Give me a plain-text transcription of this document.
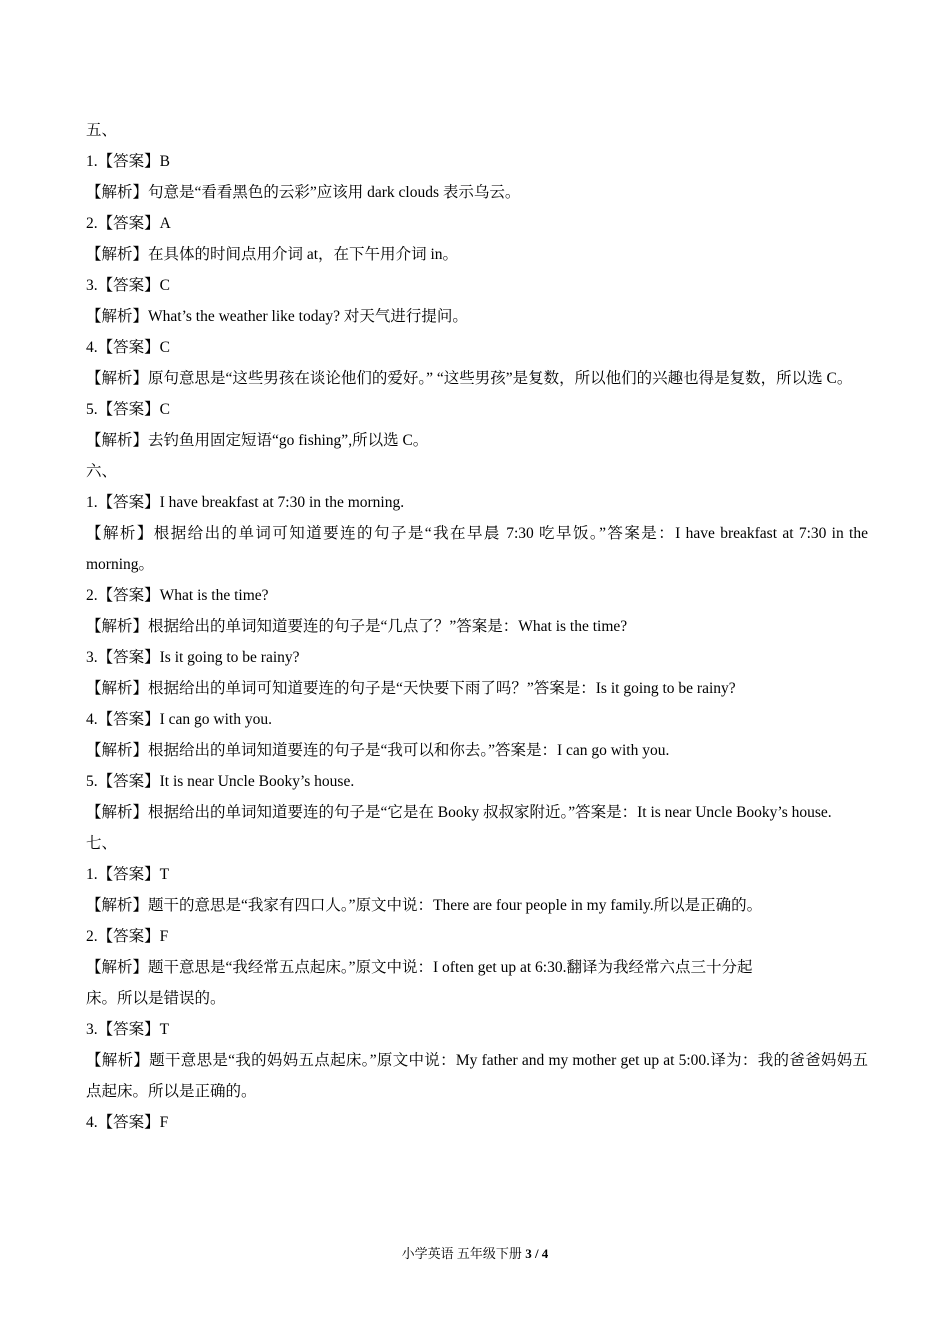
五、
1.【答案】B
【解析】句意是“看看黑色的云彩”应该用 dark clouds 表示乌云。
2.【答案】A
【解析】在具体的时间点用介词 at，在下午用介词 in。
3.【答案】C
【解析】What’s the weather like today? 对天气进行提问。
4.【答案】C
【解析】原句意思是“这些男孩在谈论他们的爱好。” “这些男孩”是复数，所以他们的兴趣也得是复数，所以选 C。
5.【答案】C
【解析】去钓鱼用固定短语“go fishing”,所以选 C。
六、
1.【答案】I have breakfast at 7:30 in the morning.
【解析】根据给出的单词可知道要连的句子是“我在早晨 7:30 吃早饭。”答案是：I have breakfast at 7:30 in the morning。
2.【答案】What is the time?
【解析】根据给出的单词知道要连的句子是“几点了？”答案是：What is the time?
3.【答案】Is it going to be rainy?
【解析】根据给出的单词可知道要连的句子是“天快要下雨了吗？”答案是：Is it going to be rainy?
4.【答案】I can go with you.
【解析】根据给出的单词知道要连的句子是“我可以和你去。”答案是：I can go with you.
5.【答案】It is near Uncle Booky’s house.
【解析】根据给出的单词知道要连的句子是“它是在 Booky 叔叔家附近。”答案是：It is near Uncle Booky’s house.
七、
1.【答案】T
【解析】题干的意思是“我家有四口人。”原文中说：There are four people in my family.所以是正确的。
2.【答案】F
【解析】题干意思是“我经常五点起床。”原文中说：I often get up at 6:30.翻译为我经常六点三十分起
床。所以是错误的。
3.【答案】T
【解析】题干意思是“我的妈妈五点起床。”原文中说：My father and my mother get up at 5:00.译为：我的爸爸妈妈五点起床。所以是正确的。
4.【答案】F
小学英语 五年级下册 3 / 4
